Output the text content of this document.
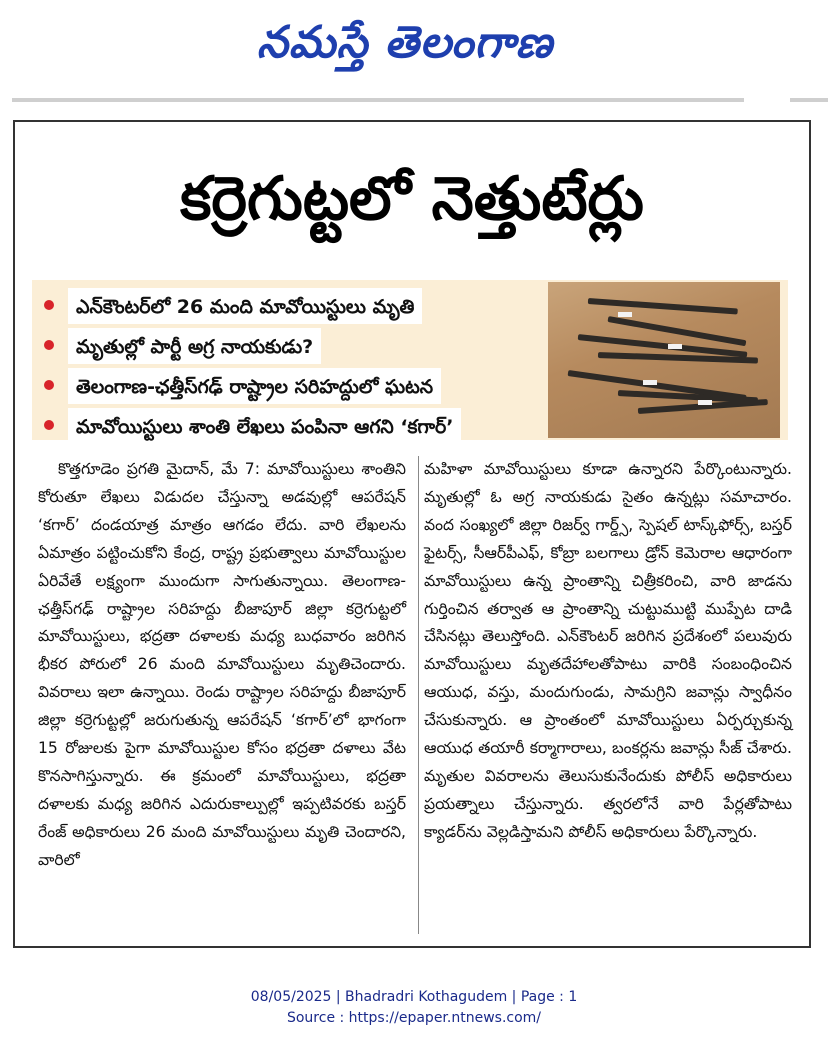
నమస్తే తెలంగాణ
కర్రెగుట్టలో నెత్తుటేర్లు
ఎన్‌కౌంటర్‌లో 26 మంది మావోయిస్టులు మృతి
మృతుల్లో పార్టీ అగ్ర నాయకుడు?
తెలంగాణ-ఛత్తీస్‌గఢ్‌ రాష్ట్రాల సరిహద్దులో ఘటన
మావోయిస్టులు శాంతి లేఖలు పంపినా ఆగని ‘కగార్‌’

కొత్తగూడెం ప్రగతి మైదాన్‌, మే 7: మావోయిస్టులు శాంతిని కోరుతూ లేఖలు విడుదల చేస్తున్నా అడవుల్లో ఆపరేషన్‌ ‘కగార్‌’ దండయాత్ర మాత్రం ఆగడం లేదు. వారి లేఖలను ఏమాత్రం పట్టించుకోని కేంద్ర, రాష్ట్ర ప్రభుత్వాలు మావోయిస్టుల ఏరివేతే లక్ష్యంగా ముందుగా సాగుతున్నాయి. తెలంగాణ-ఛత్తీస్‌గఢ్‌ రాష్ట్రాల సరిహద్దు బీజాపూర్‌ జిల్లా కర్రెగుట్టలో మావోయిస్టులు, భద్రతా దళాలకు మధ్య బుధవారం జరిగిన భీకర పోరులో 26 మంది మావోయిస్టులు మృతిచెందారు. వివరాలు ఇలా ఉన్నాయి. రెండు రాష్ట్రాల సరిహద్దు బీజాపూర్‌ జిల్లా కర్రెగుట్టల్లో జరుగుతున్న ఆపరేషన్‌ ‘కగార్‌’లో భాగంగా 15 రోజులకు పైగా మావోయిస్టుల కోసం భద్రతా దళాలు వేట కొనసాగిస్తున్నారు. ఈ క్రమంలో మావోయిస్టులు, భద్రతా దళాలకు మధ్య జరిగిన ఎదురుకాల్పుల్లో ఇప్పటివరకు బస్తర్‌ రేంజ్‌ అధికారులు 26 మంది మావోయిస్టులు మృతి చెందారని, వారిలో

మహిళా మావోయిస్టులు కూడా ఉన్నారని పేర్కొంటున్నారు. మృతుల్లో ఓ అగ్ర నాయకుడు సైతం ఉన్నట్లు సమాచారం. వంద సంఖ్యలో జిల్లా రిజర్వ్‌ గార్డ్స్‌, స్పెషల్‌ టాస్క్‌ఫోర్స్‌, బస్తర్‌ ఫైటర్స్‌, సీఆర్‌పీఎఫ్‌, కోబ్రా బలగాలు డ్రోన్‌ కెమెరాల ఆధారంగా మావోయిస్టులు ఉన్న ప్రాంతాన్ని చిత్రీకరించి, వారి జాడను గుర్తించిన తర్వాత ఆ ప్రాంతాన్ని చుట్టుముట్టి ముప్పేట దాడి చేసినట్లు తెలుస్తోంది. ఎన్‌కౌంటర్‌ జరిగిన ప్రదేశంలో పలువురు మావోయిస్టులు మృతదేహాలతోపాటు వారికి సంబంధించిన ఆయుధ, వస్తు, మందుగుండు, సామగ్రిని జవాన్లు స్వాధీనం చేసుకున్నారు. ఆ ప్రాంతంలో మావోయిస్టులు ఏర్పర్చుకున్న ఆయుధ తయారీ కర్మాగారాలు, బంకర్లను జవాన్లు సీజ్‌ చేశారు. మృతుల వివరాలను తెలుసుకునేందుకు పోలీస్‌ అధికారులు ప్రయత్నాలు చేస్తున్నారు. త్వరలోనే వారి పేర్లతోపాటు క్యాడర్‌ను వెల్లడిస్తామని పోలీస్‌ అధికారులు పేర్కొన్నారు.

08/05/2025 | Bhadradri Kothagudem | Page : 1
Source : https://epaper.ntnews.com/
